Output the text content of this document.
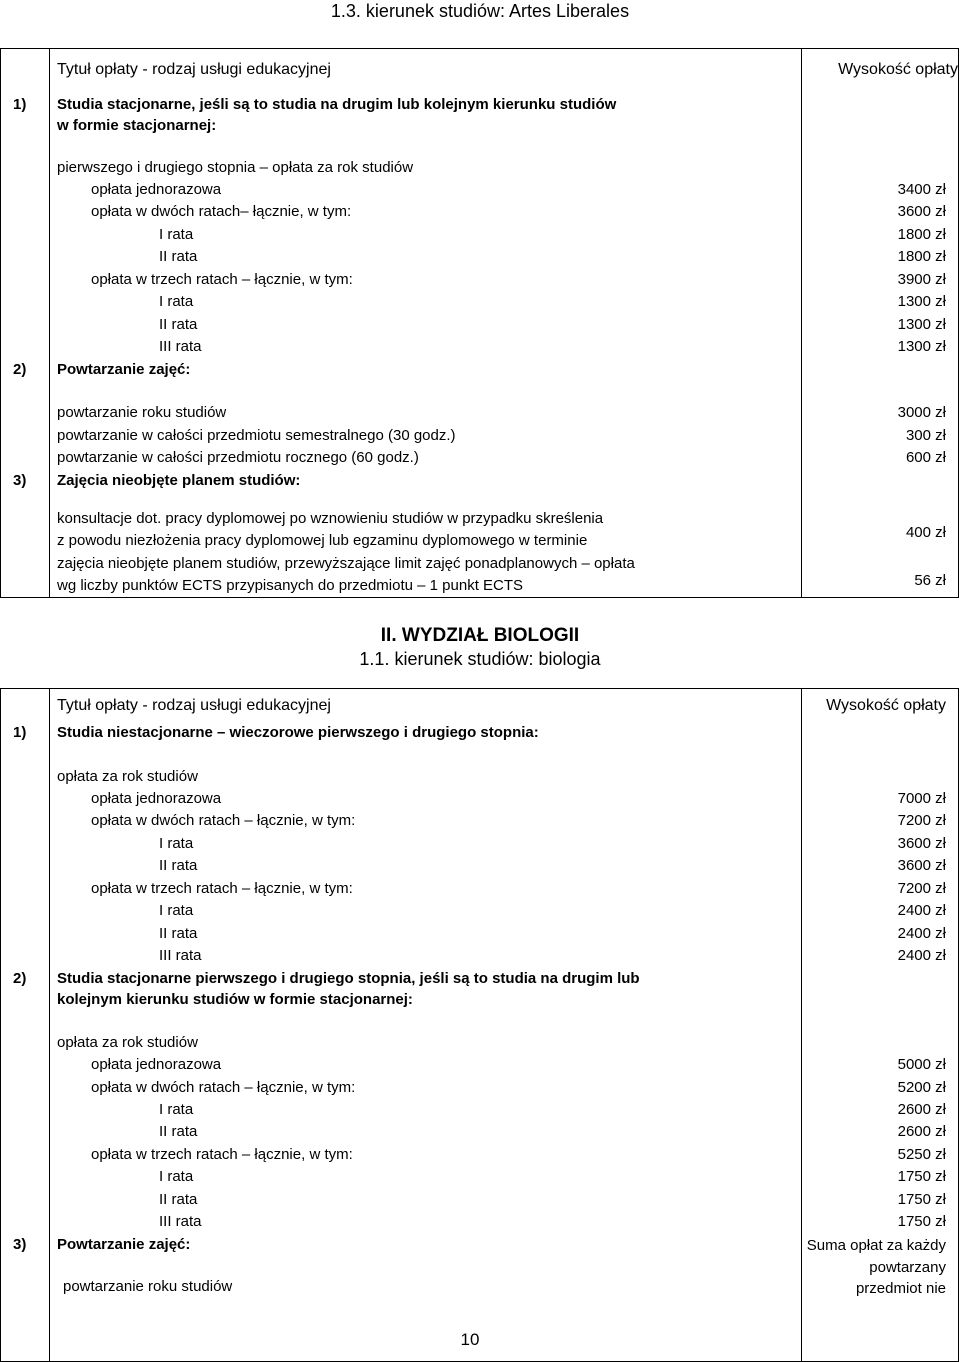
1.3. kierunek studiów: Artes Liberales
Tytuł opłaty - rodzaj usługi edukacyjnej	Wysokość opłaty
1) Studia stacjonarne, jeśli są to studia na drugim lub kolejnym kierunku studiów
w formie stacjonarnej:
pierwszego i drugiego stopnia – opłata za rok studiów
opłata jednorazowa	3400 zł
opłata w dwóch ratach– łącznie, w tym:	3600 zł
I rata	1800 zł
II rata	1800 zł
opłata w trzech ratach – łącznie, w tym:	3900 zł
I rata	1300 zł
II rata	1300 zł
III rata	1300 zł
2) Powtarzanie zajęć:
powtarzanie roku studiów	3000 zł
powtarzanie w całości przedmiotu semestralnego (30 godz.)	300 zł
powtarzanie w całości przedmiotu rocznego (60 godz.)	600 zł
3) Zajęcia nieobjęte planem studiów:
konsultacje dot. pracy dyplomowej po wznowieniu studiów w przypadku skreślenia
z powodu niezłożenia pracy dyplomowej lub egzaminu dyplomowego w terminie	400 zł
zajęcia nieobjęte planem studiów, przewyższające limit zajęć ponadplanowych – opłata
wg liczby punktów ECTS przypisanych do przedmiotu – 1 punkt ECTS	56 zł
II. WYDZIAŁ BIOLOGII
1.1. kierunek studiów: biologia
Tytuł opłaty - rodzaj usługi edukacyjnej	Wysokość opłaty
1) Studia niestacjonarne – wieczorowe pierwszego i drugiego stopnia:
opłata za rok studiów
opłata jednorazowa	7000 zł
opłata w dwóch ratach – łącznie, w tym:	7200 zł
I rata	3600 zł
II rata	3600 zł
opłata w trzech ratach – łącznie, w tym:	7200 zł
I rata	2400 zł
II rata	2400 zł
III rata	2400 zł
2) Studia stacjonarne pierwszego i drugiego stopnia, jeśli są to studia na drugim lub
kolejnym kierunku studiów w formie stacjonarnej:
opłata za rok studiów
opłata jednorazowa	5000 zł
opłata w dwóch ratach – łącznie, w tym:	5200 zł
I rata	2600 zł
II rata	2600 zł
opłata w trzech ratach – łącznie, w tym:	5250 zł
I rata	1750 zł
II rata	1750 zł
III rata	1750 zł
3) Powtarzanie zajęć:
powtarzanie roku studiów
Suma opłat za każdy powtarzany przedmiot nie
10
